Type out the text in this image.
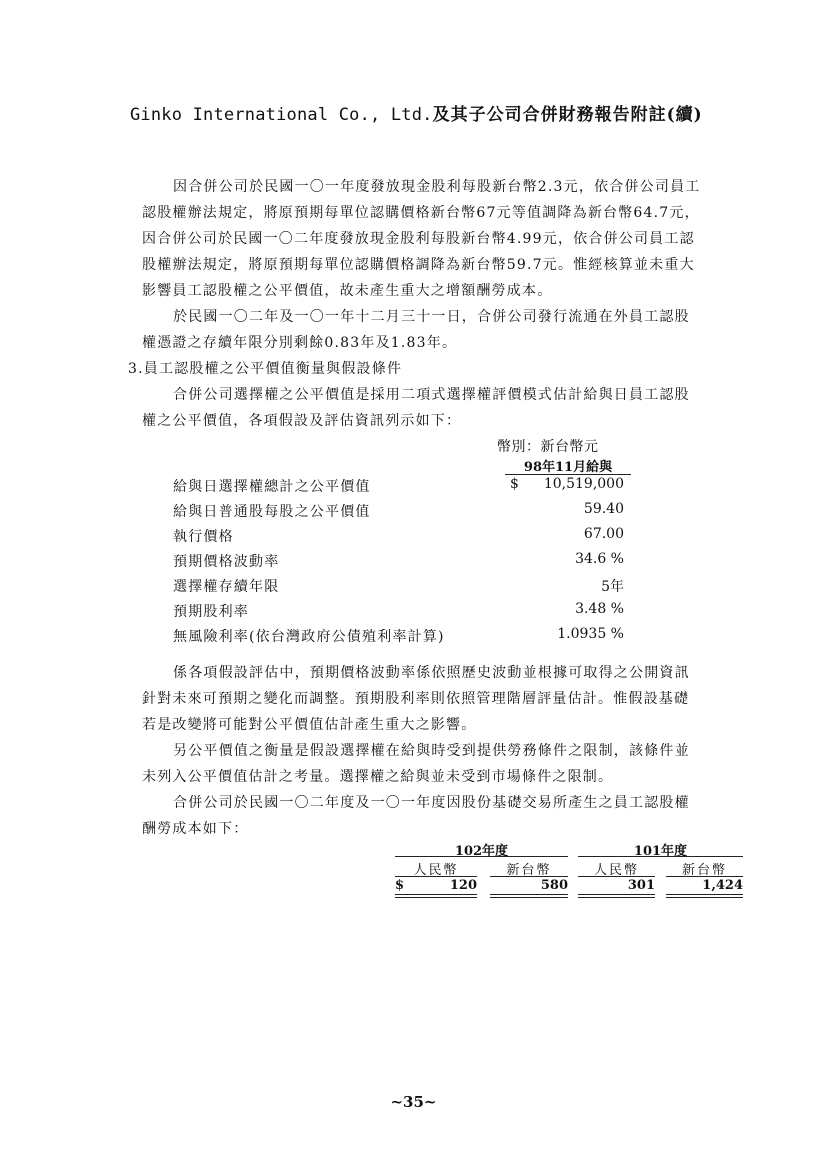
Ginko International Co., Ltd.及其子公司合併財務報告附註(續)
因合併公司於民國一〇一年度發放現金股利每股新台幣2.3元，依合併公司員工
認股權辦法規定，將原預期每單位認購價格新台幣67元等值調降為新台幣64.7元，
因合併公司於民國一〇二年度發放現金股利每股新台幣4.99元，依合併公司員工認
股權辦法規定，將原預期每單位認購價格調降為新台幣59.7元。惟經核算並未重大
影響員工認股權之公平價值，故未產生重大之增額酬勞成本。
於民國一〇二年及一〇一年十二月三十一日，合併公司發行流通在外員工認股
權憑證之存續年限分別剩餘0.83年及1.83年。
3.員工認股權之公平價值衡量與假設條件
合併公司選擇權之公平價值是採用二項式選擇權評價模式估計給與日員工認股
權之公平價值，各項假設及評估資訊列示如下：
幣別：新台幣元
98年11月給與
給與日選擇權總計之公平價值	$ 10,519,000
給與日普通股每股之公平價值	59.40
執行價格	67.00
預期價格波動率	34.6 %
選擇權存續年限	5年
預期股利率	3.48 %
無風險利率(依台灣政府公債殖利率計算)	1.0935 %
係各項假設評估中，預期價格波動率係依照歷史波動並根據可取得之公開資訊
針對未來可預期之變化而調整。預期股利率則依照管理階層評量估計。惟假設基礎
若是改變將可能對公平價值估計產生重大之影響。
另公平價值之衡量是假設選擇權在給與時受到提供勞務條件之限制，該條件並
未列入公平價值估計之考量。選擇權之給與並未受到市場條件之限制。
合併公司於民國一〇二年度及一〇一年度因股份基礎交易所產生之員工認股權
酬勞成本如下：
102年度	101年度
人民幣	新台幣	人民幣	新台幣
$	120	580	301	1,424
~35~
